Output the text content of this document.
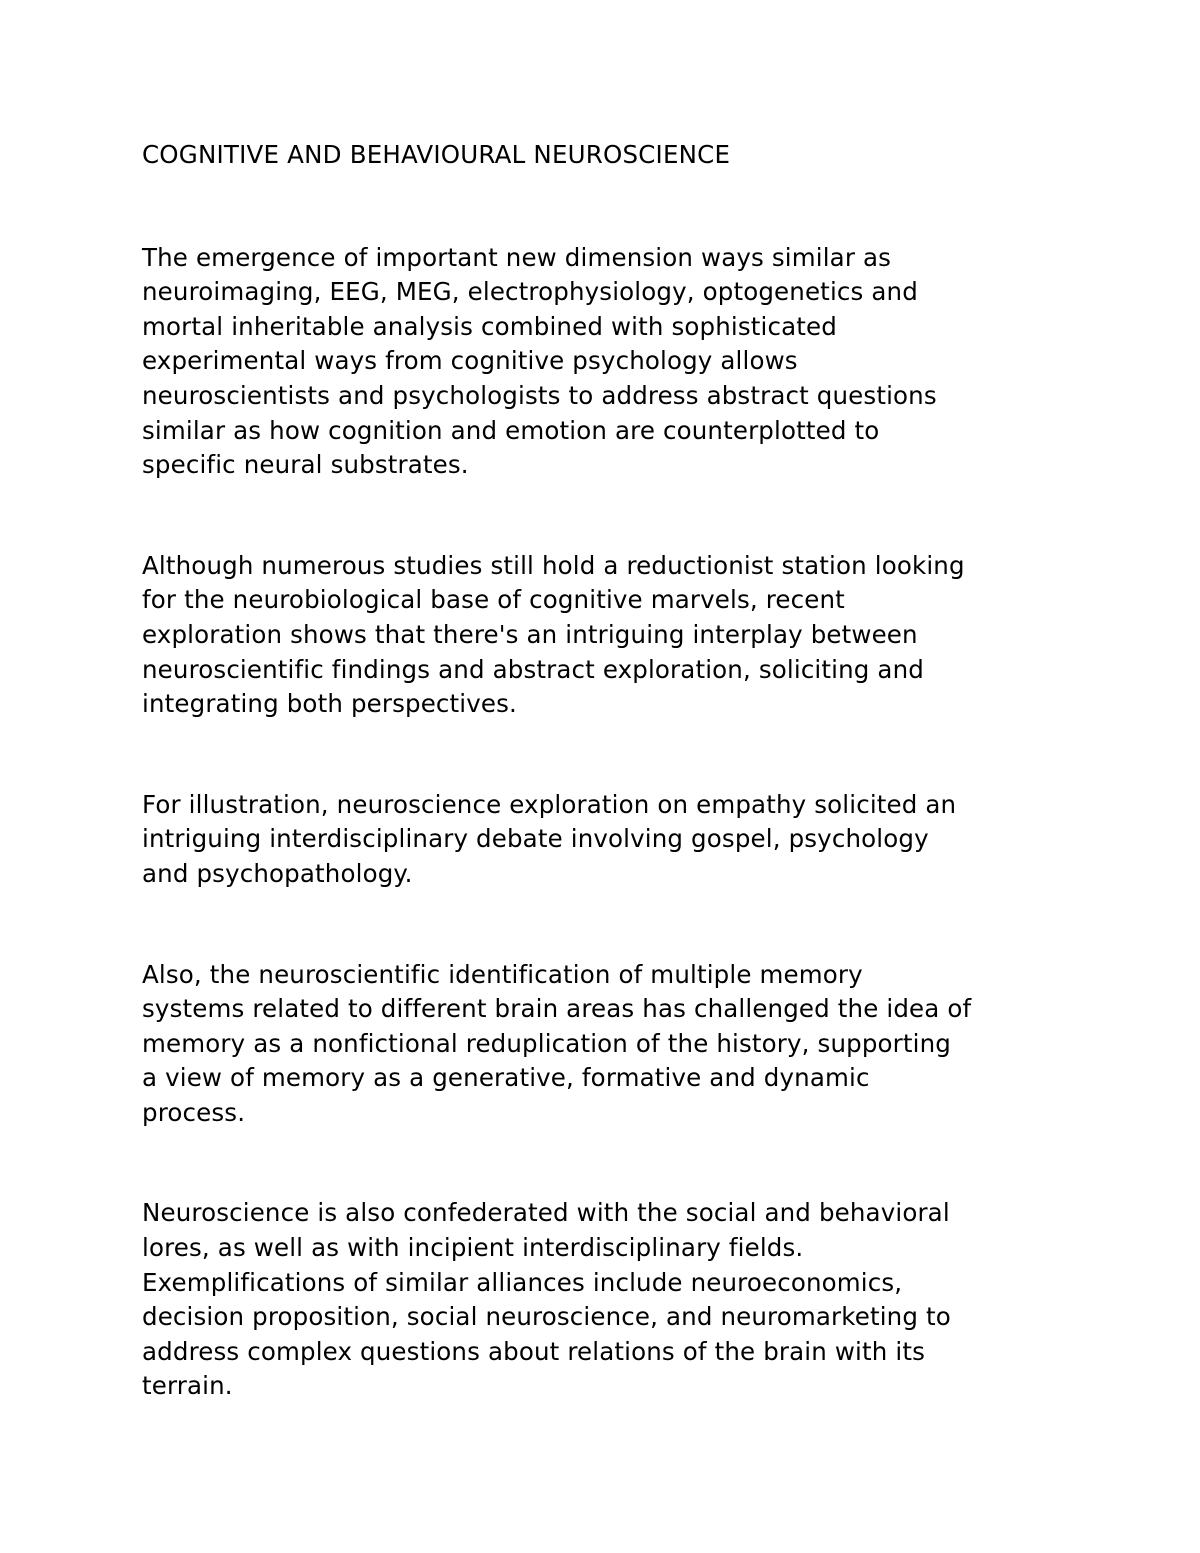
COGNITIVE AND BEHAVIOURAL NEUROSCIENCE

The emergence of important new dimension ways similar as
neuroimaging, EEG, MEG, electrophysiology, optogenetics and
mortal inheritable analysis combined with sophisticated
experimental ways from cognitive psychology allows
neuroscientists and psychologists to address abstract questions
similar as how cognition and emotion are counterplotted to
specific neural substrates.

Although numerous studies still hold a reductionist station looking
for the neurobiological base of cognitive marvels, recent
exploration shows that there's an intriguing interplay between
neuroscientific findings and abstract exploration, soliciting and
integrating both perspectives.

For illustration, neuroscience exploration on empathy solicited an
intriguing interdisciplinary debate involving gospel, psychology
and psychopathology.

Also, the neuroscientific identification of multiple memory
systems related to different brain areas has challenged the idea of
memory as a nonfictional reduplication of the history, supporting
a view of memory as a generative, formative and dynamic
process.

Neuroscience is also confederated with the social and behavioral
lores, as well as with incipient interdisciplinary fields.
Exemplifications of similar alliances include neuroeconomics,
decision proposition, social neuroscience, and neuromarketing to
address complex questions about relations of the brain with its
terrain.
